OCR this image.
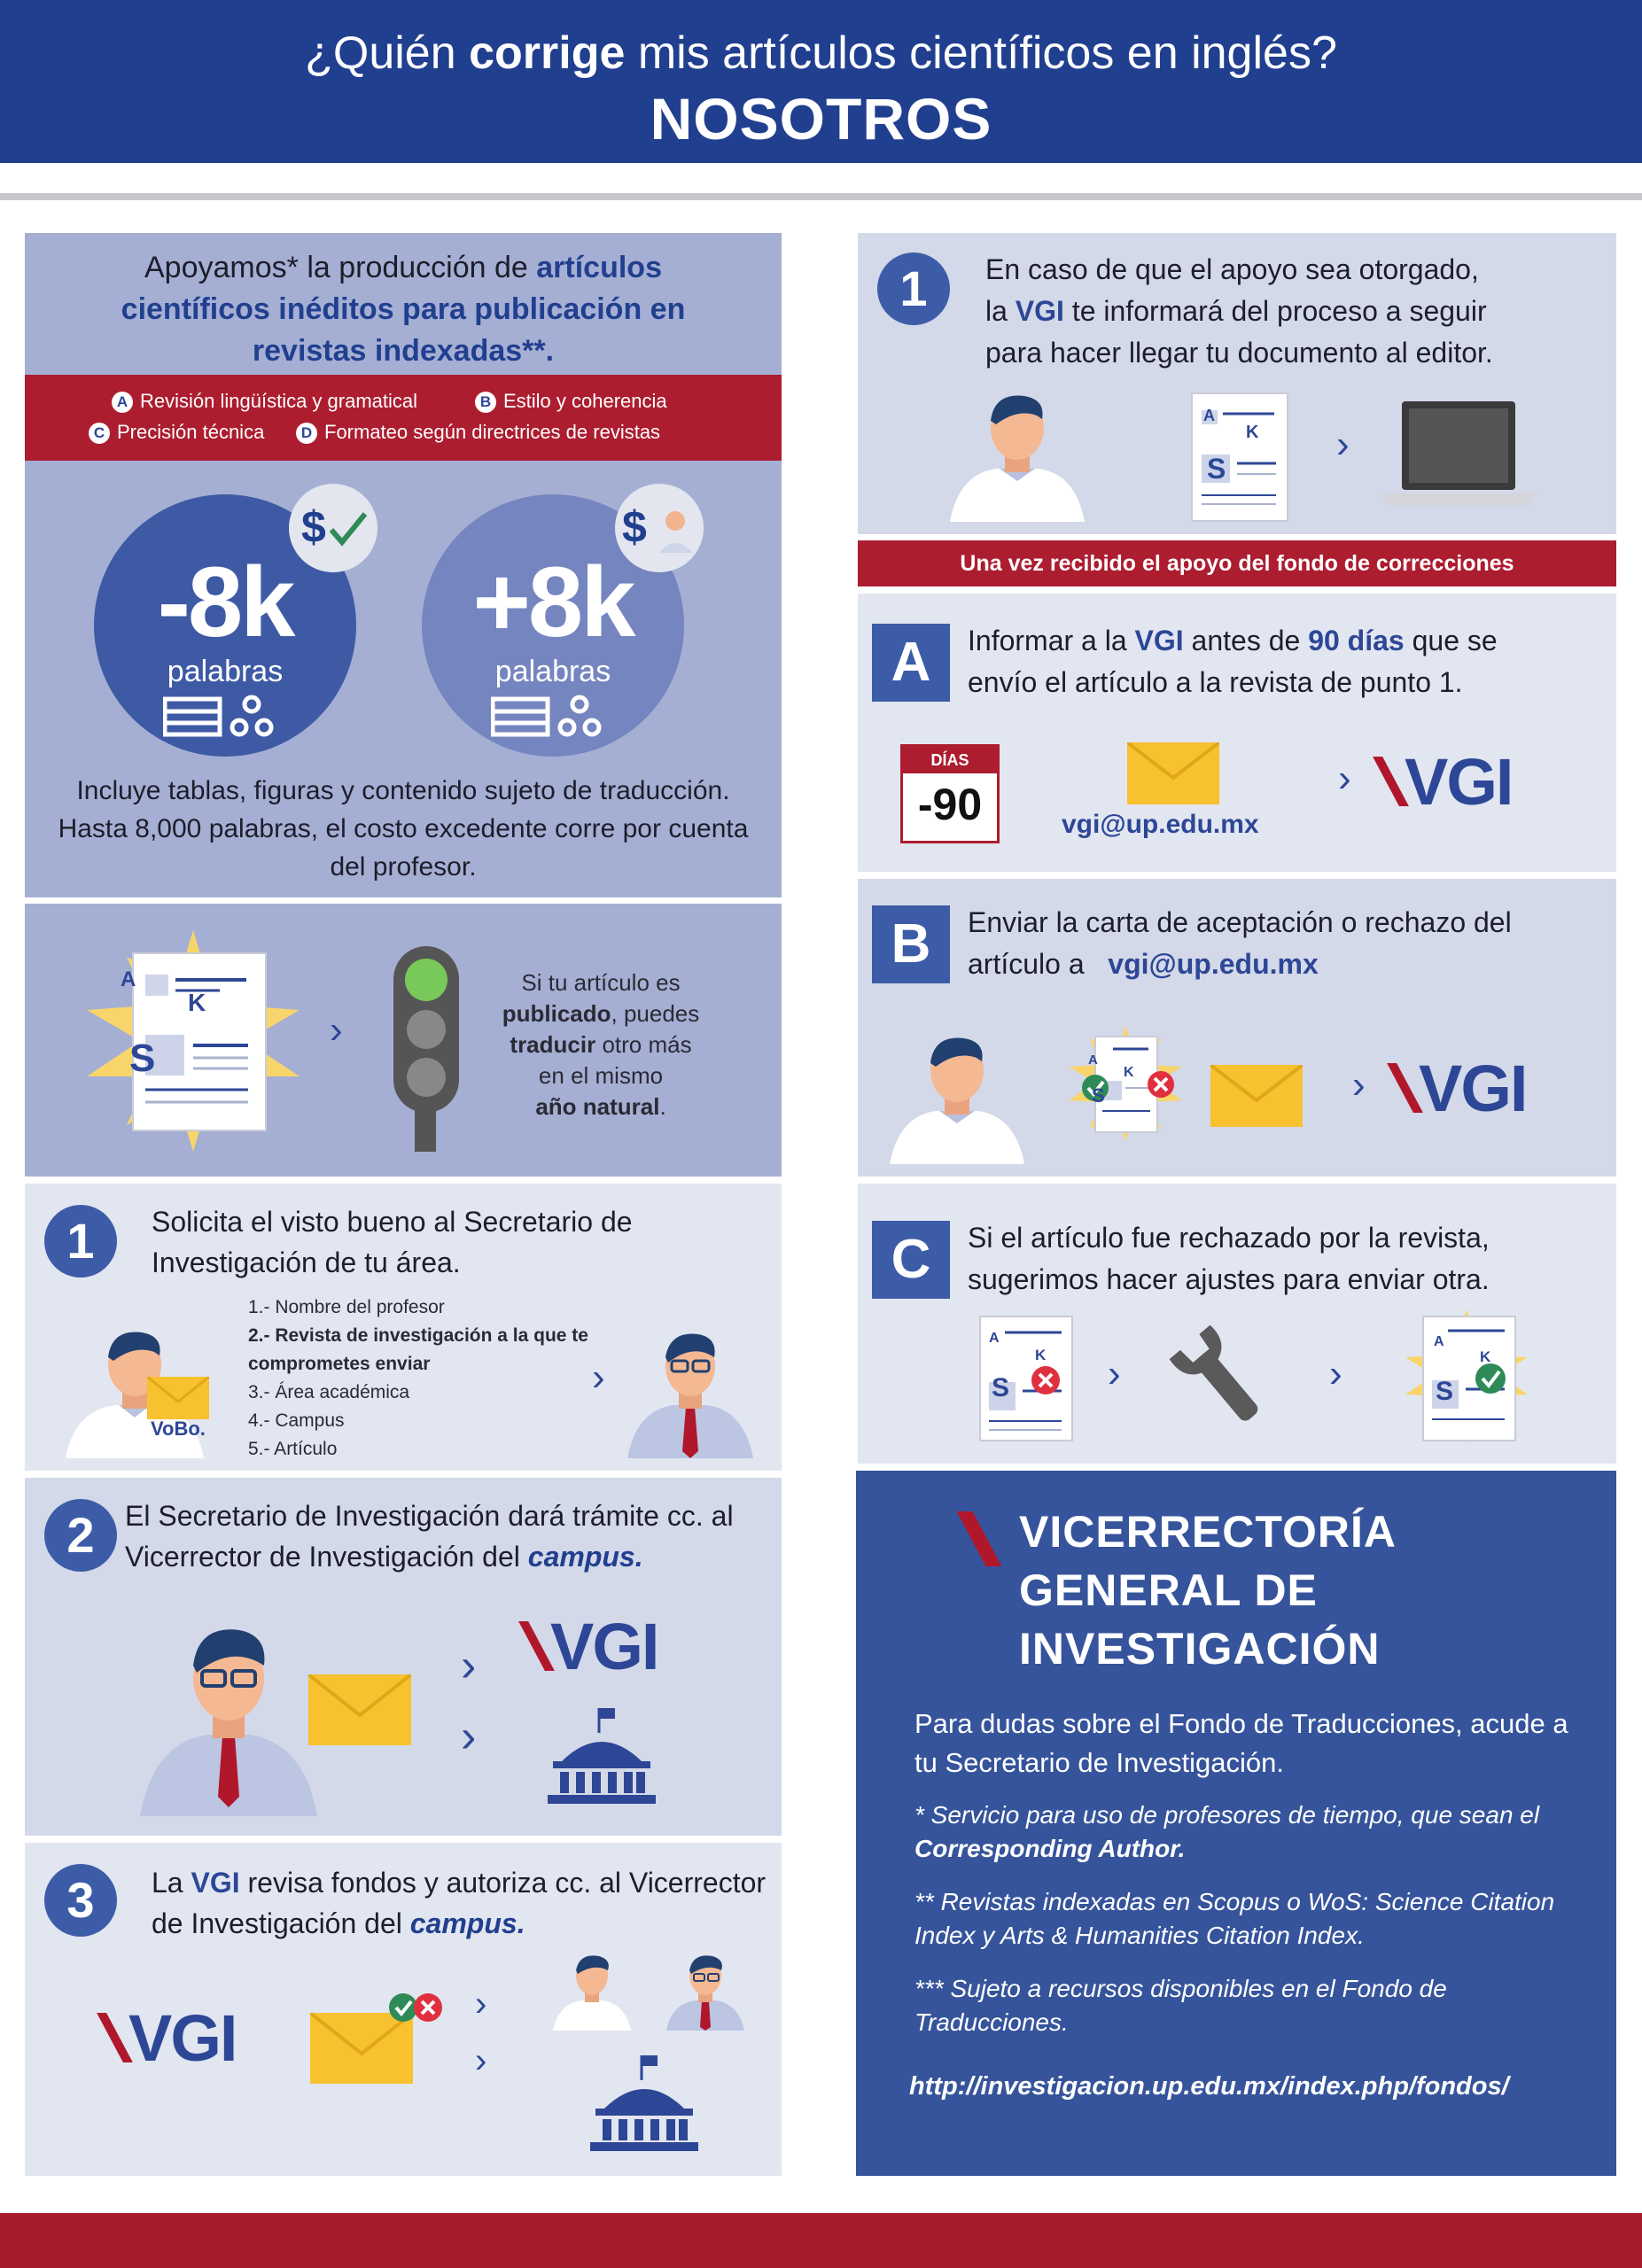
¿Quién corrige mis artículos científicos en inglés?
NOSOTROS
Apoyamos* la producción de artículos científicos inéditos para publicación en revistas indexadas**.
A Revisión lingüística y gramatical	B Estilo y coherencia
C Precisión técnica	D Formateo según directrices de revistas
-8k
palabras
$
+8k
palabras
$
Incluye tablas, figuras y contenido sujeto de traducción. Hasta 8,000 palabras, el costo excedente corre por cuenta del profesor.
A
K
S
›
Si tu artículo es
publicado, puedes
traducir otro más
en el mismo
año natural.
1	Solicita el visto bueno al Secretario de Investigación de tu área.
VoBo.
1.- Nombre del profesor
2.- Revista de investigación a la que te comprometes enviar
3.- Área académica
4.- Campus
5.- Artículo
›
2	El Secretario de Investigación dará trámite cc. al Vicerrector de Investigación del campus.
›
›
VGI
3	La VGI revisa fondos y autoriza cc. al Vicerrector de Investigación del campus.
VGI	›
›
1	En caso de que el apoyo sea otorgado,
la VGI te informará del proceso a seguir
para hacer llegar tu documento al editor.
A
K
S
›
Una vez recibido el apoyo del fondo de correcciones
A	Informar a la VGI antes de 90 días que se
envío el artículo a la revista de punto 1.
DÍAS
-90	vgi@up.edu.mx
› VGI
B	Enviar la carta de aceptación o rechazo del
artículo a vgi@up.edu.mx
A
K
S	› VGI
C	Si el artículo fue rechazado por la revista,
sugerimos hacer ajustes para enviar otra.
A
K
S	›	›
A
K
S
VICERRECTORÍA
GENERAL DE
INVESTIGACIÓN
Para dudas sobre el Fondo de Traducciones, acude a tu Secretario de Investigación.
* Servicio para uso de profesores de tiempo, que sean el Corresponding Author.
** Revistas indexadas en Scopus o WoS: Science Citation Index y Arts & Humanities Citation Index.
*** Sujeto a recursos disponibles en el Fondo de Traducciones.
http://investigacion.up.edu.mx/index.php/fondos/
